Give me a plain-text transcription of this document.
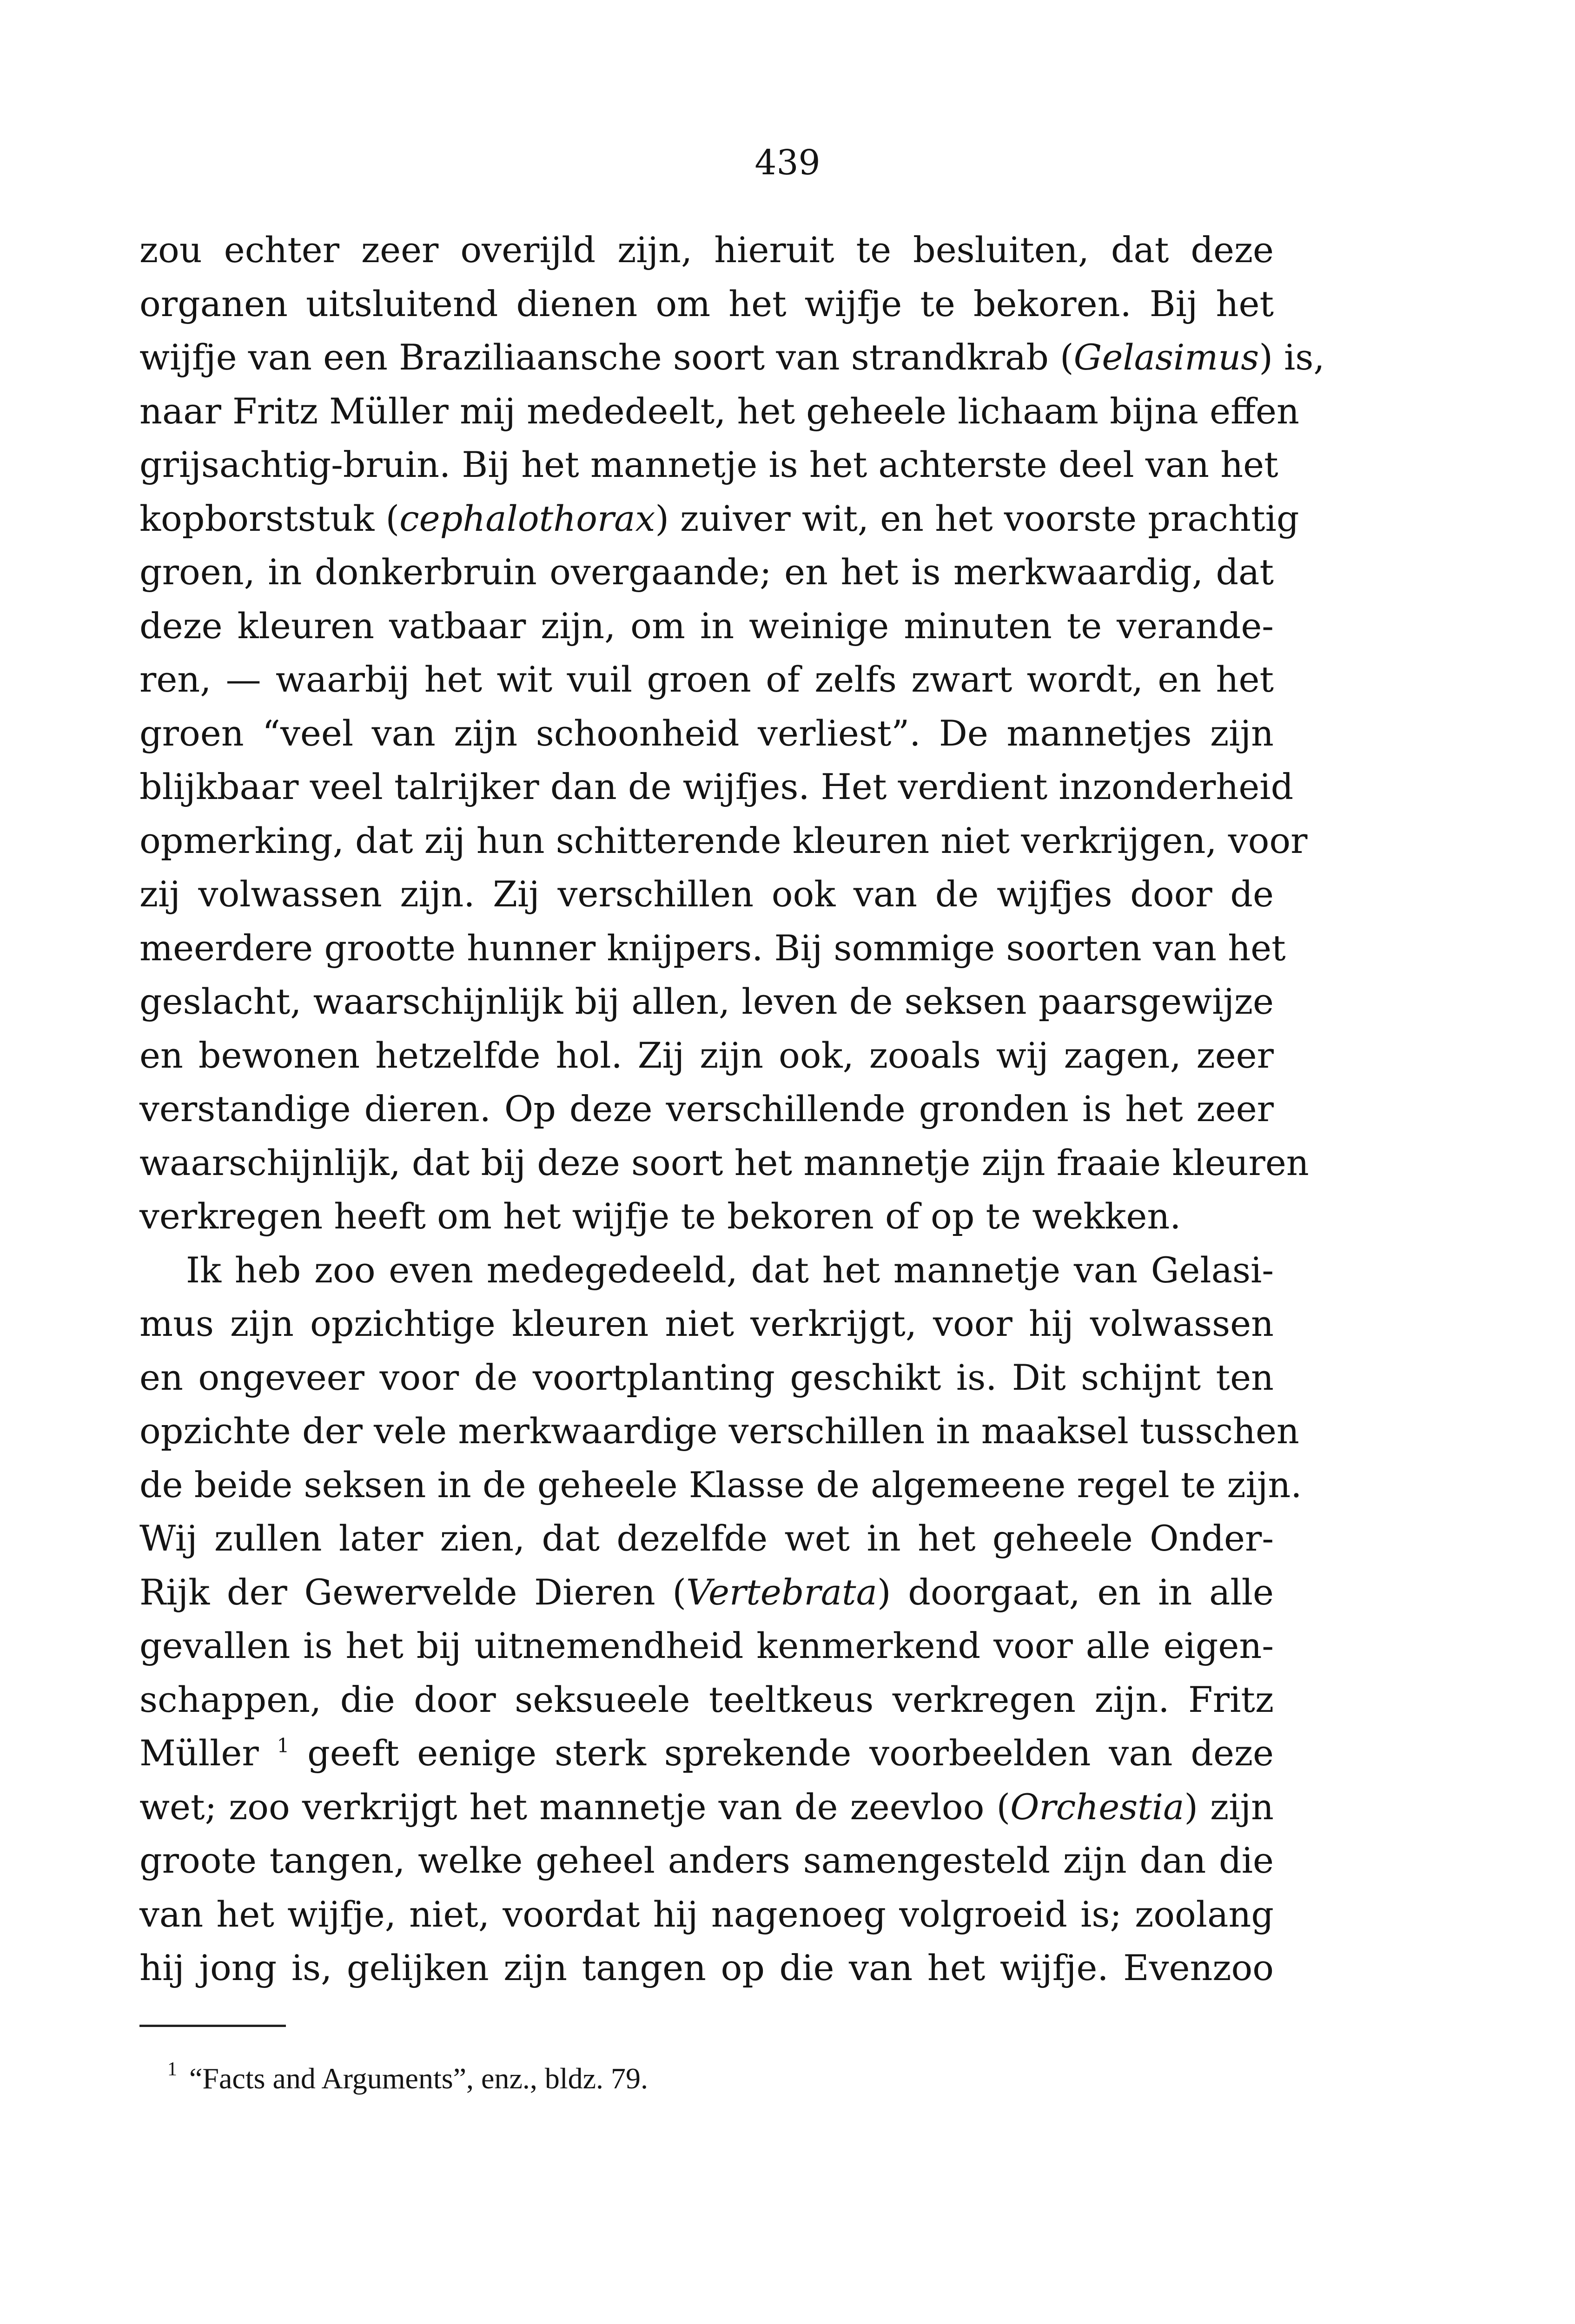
439
zou echter zeer overijld zijn, hieruit te besluiten, dat deze
organen uitsluitend dienen om het wijfje te bekoren. Bij het
wijfje van een Braziliaansche soort van strandkrab (Gelasimus) is,
naar Fritz Müller mij mededeelt, het geheele lichaam bijna effen
grijsachtig-bruin. Bij het mannetje is het achterste deel van het
kopborststuk (cephalothorax) zuiver wit, en het voorste prachtig
groen, in donkerbruin overgaande; en het is merkwaardig, dat
deze kleuren vatbaar zijn, om in weinige minuten te verande-
ren, — waarbij het wit vuil groen of zelfs zwart wordt, en het
groen “veel van zijn schoonheid verliest”. De mannetjes zijn
blijkbaar veel talrijker dan de wijfjes. Het verdient inzonderheid
opmerking, dat zij hun schitterende kleuren niet verkrijgen, voor
zij volwassen zijn. Zij verschillen ook van de wijfjes door de
meerdere grootte hunner knijpers. Bij sommige soorten van het
geslacht, waarschijnlijk bij allen, leven de seksen paarsgewijze
en bewonen hetzelfde hol. Zij zijn ook, zooals wij zagen, zeer
verstandige dieren. Op deze verschillende gronden is het zeer
waarschijnlijk, dat bij deze soort het mannetje zijn fraaie kleuren
verkregen heeft om het wijfje te bekoren of op te wekken.
Ik heb zoo even medegedeeld, dat het mannetje van Gelasi-
mus zijn opzichtige kleuren niet verkrijgt, voor hij volwassen
en ongeveer voor de voortplanting geschikt is. Dit schijnt ten
opzichte der vele merkwaardige verschillen in maaksel tusschen
de beide seksen in de geheele Klasse de algemeene regel te zijn.
Wij zullen later zien, dat dezelfde wet in het geheele Onder-
Rijk der Gewervelde Dieren (Vertebrata) doorgaat, en in alle
gevallen is het bij uitnemendheid kenmerkend voor alle eigen-
schappen, die door seksueele teeltkeus verkregen zijn. Fritz
Müller $^1$ geeft eenige sterk sprekende voorbeelden van deze
wet; zoo verkrijgt het mannetje van de zeevloo (Orchestia) zijn
groote tangen, welke geheel anders samengesteld zijn dan die
van het wijfje, niet, voordat hij nagenoeg volgroeid is; zoolang
hij jong is, gelijken zijn tangen op die van het wijfje. Evenzoo
$^1$ “Facts and Arguments”, enz., bldz. 79.
